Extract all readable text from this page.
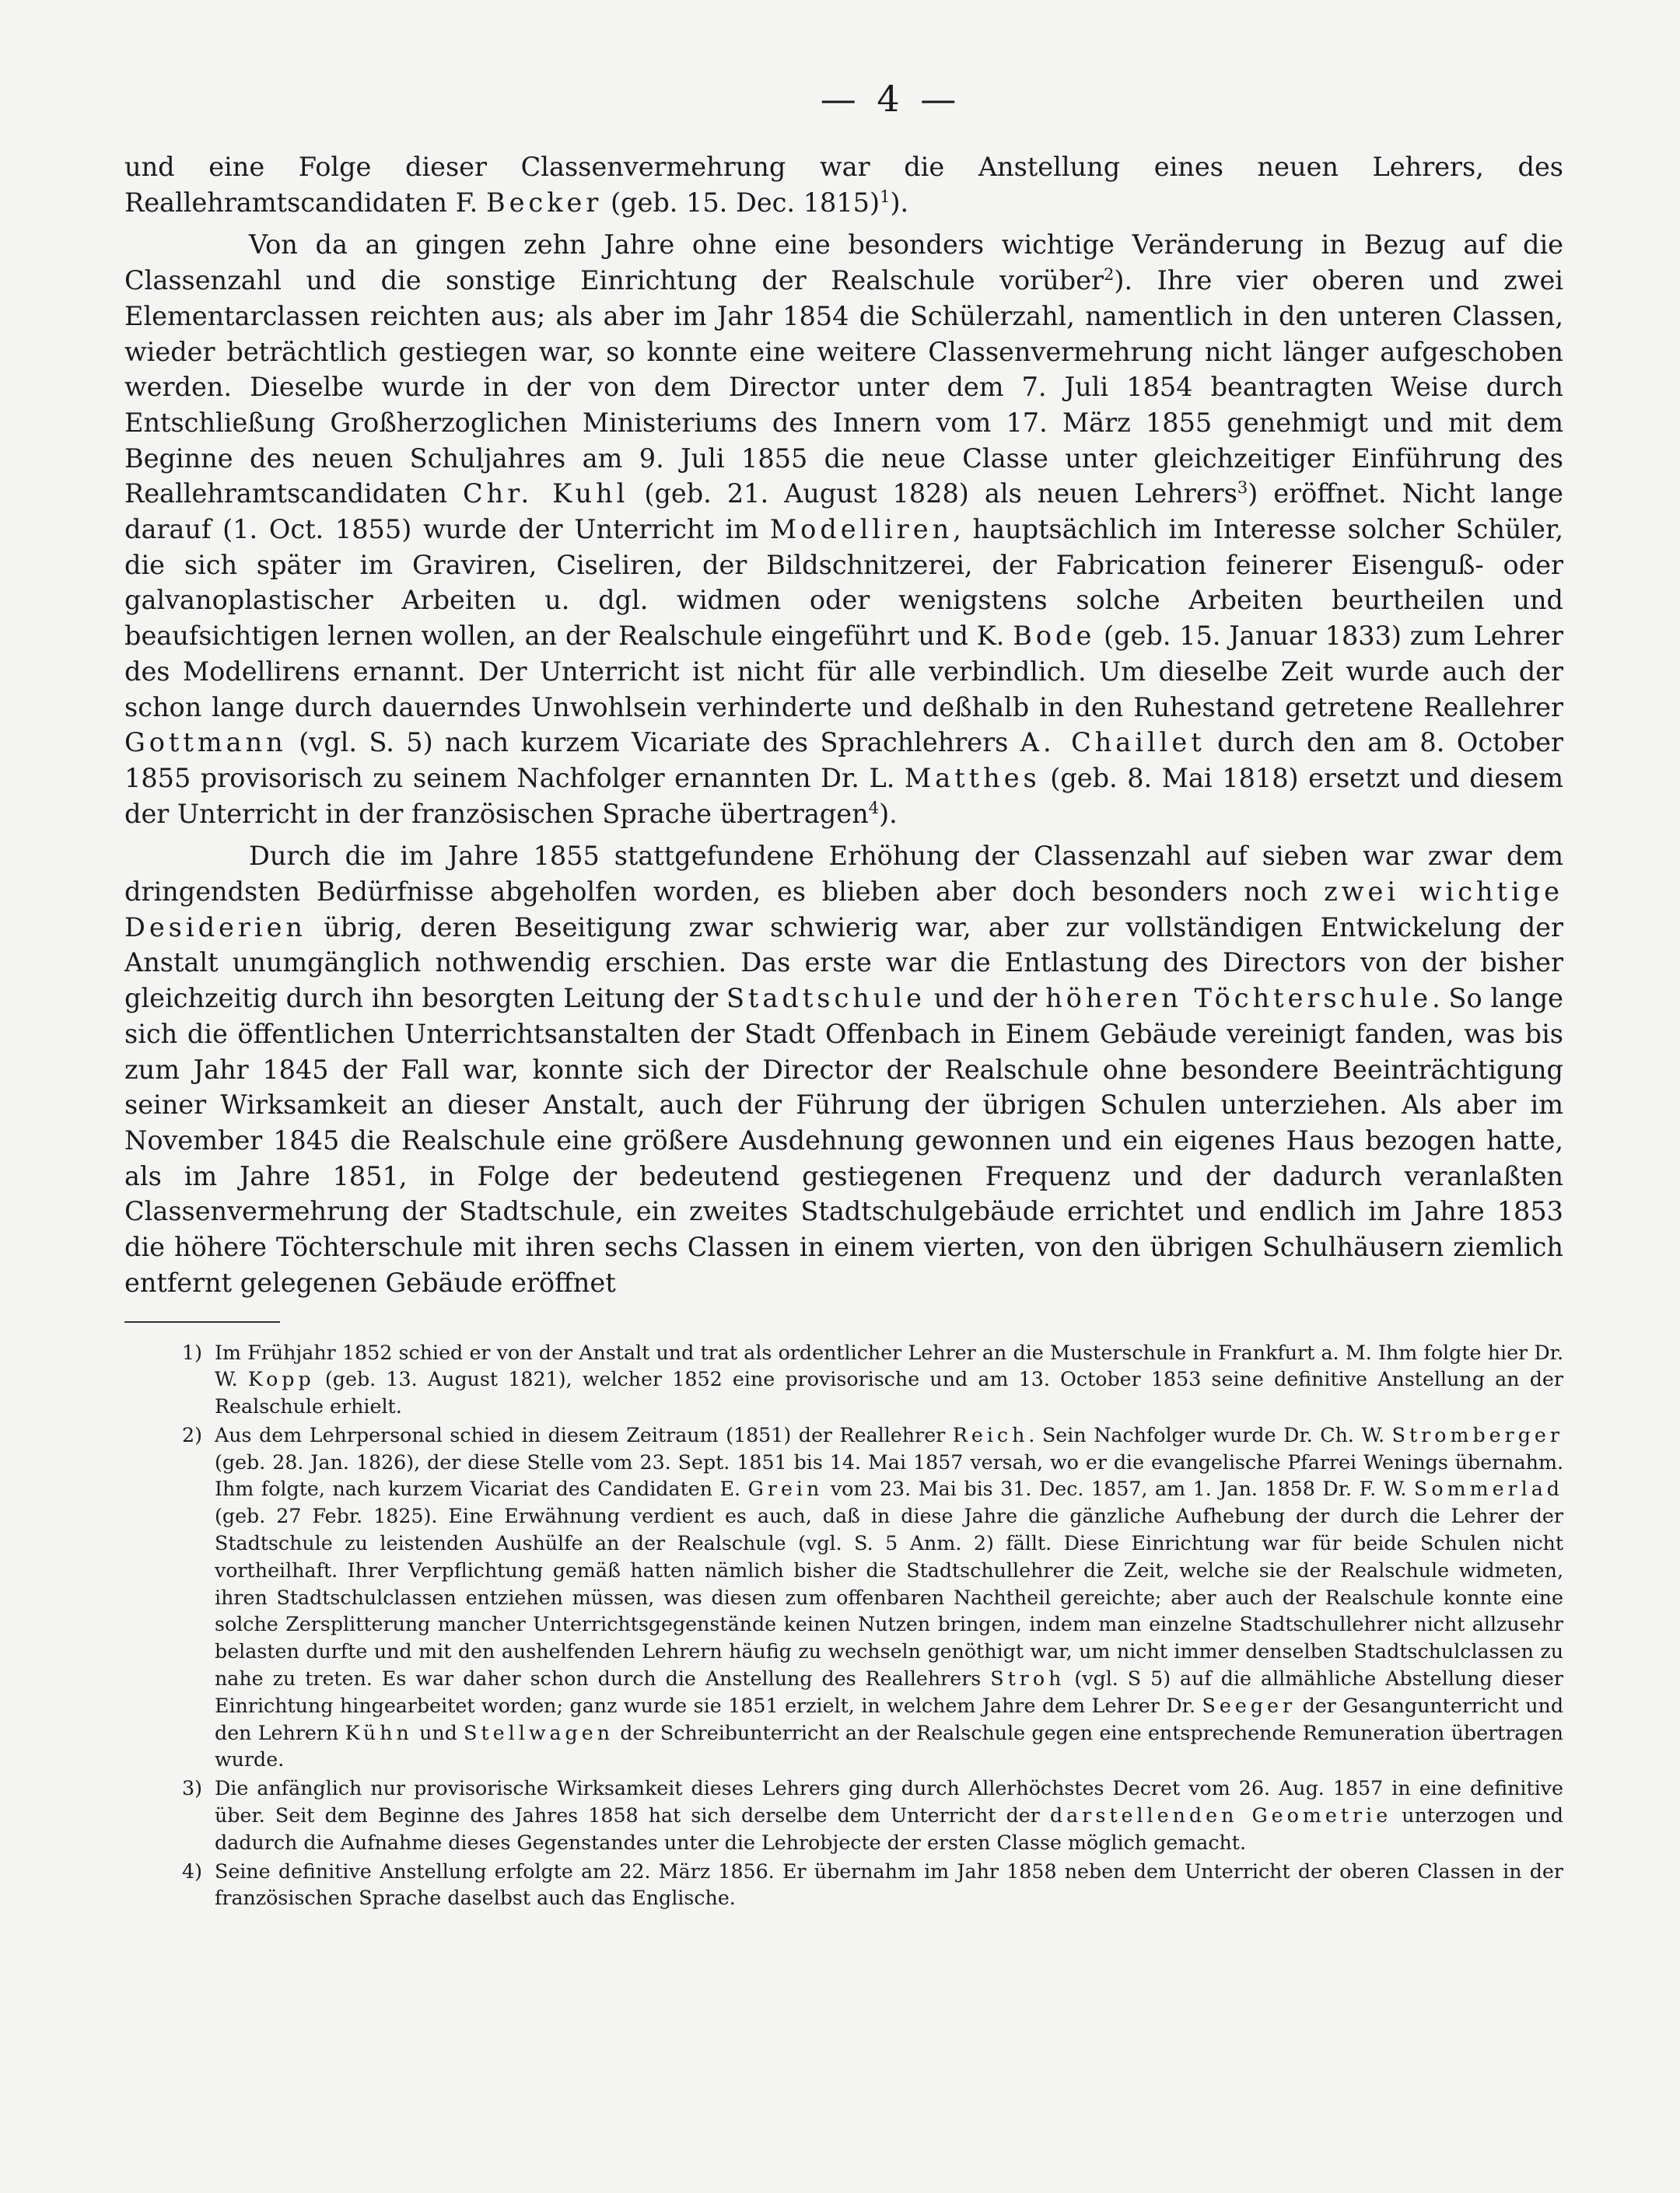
— 4 —

und eine Folge dieser Classenvermehrung war die Anstellung eines neuen Lehrers, des Reallehramtscandidaten F. Becker (geb. 15. Dec. 1815)$^1$).

Von da an gingen zehn Jahre ohne eine besonders wichtige Veränderung in Bezug auf die Classenzahl und die sonstige Einrichtung der Realschule vorüber$^2$). Ihre vier oberen und zwei Elementarclassen reichten aus; als aber im Jahr 1854 die Schülerzahl, namentlich in den unteren Classen, wieder beträchtlich gestiegen war, so konnte eine weitere Classenvermehrung nicht länger aufgeschoben werden. Dieselbe wurde in der von dem Director unter dem 7. Juli 1854 beantragten Weise durch Entschließung Großherzoglichen Ministeriums des Innern vom 17. März 1855 genehmigt und mit dem Beginne des neuen Schuljahres am 9. Juli 1855 die neue Classe unter gleichzeitiger Einführung des Reallehramtscandidaten Chr. Kuhl (geb. 21. August 1828) als neuen Lehrers$^3$) eröffnet. Nicht lange darauf (1. Oct. 1855) wurde der Unterricht im Modelliren, hauptsächlich im Interesse solcher Schüler, die sich später im Graviren, Ciseliren, der Bildschnitzerei, der Fabrication feinerer Eisenguß- oder galvanoplastischer Arbeiten u. dgl. widmen oder wenigstens solche Arbeiten beurtheilen und beaufsichtigen lernen wollen, an der Realschule eingeführt und K. Bode (geb. 15. Januar 1833) zum Lehrer des Modellirens ernannt. Der Unterricht ist nicht für alle verbindlich. Um dieselbe Zeit wurde auch der schon lange durch dauerndes Unwohlsein verhinderte und deßhalb in den Ruhestand getretene Reallehrer Gottmann (vgl. S. 5) nach kurzem Vicariate des Sprachlehrers A. Chaillet durch den am 8. October 1855 provisorisch zu seinem Nachfolger ernannten Dr. L. Matthes (geb. 8. Mai 1818) ersetzt und diesem der Unterricht in der französischen Sprache übertragen$^4$).

Durch die im Jahre 1855 stattgefundene Erhöhung der Classenzahl auf sieben war zwar dem dringendsten Bedürfnisse abgeholfen worden, es blieben aber doch besonders noch zwei wichtige Desiderien übrig, deren Beseitigung zwar schwierig war, aber zur vollständigen Entwickelung der Anstalt unumgänglich nothwendig erschien. Das erste war die Entlastung des Directors von der bisher gleichzeitig durch ihn besorgten Leitung der Stadtschule und der höheren Töchterschule. So lange sich die öffentlichen Unterrichtsanstalten der Stadt Offenbach in Einem Gebäude vereinigt fanden, was bis zum Jahr 1845 der Fall war, konnte sich der Director der Realschule ohne besondere Beeinträchtigung seiner Wirksamkeit an dieser Anstalt, auch der Führung der übrigen Schulen unterziehen. Als aber im November 1845 die Realschule eine größere Ausdehnung gewonnen und ein eigenes Haus bezogen hatte, als im Jahre 1851, in Folge der bedeutend gestiegenen Frequenz und der dadurch veranlaßten Classenvermehrung der Stadtschule, ein zweites Stadtschulgebäude errichtet und endlich im Jahre 1853 die höhere Töchterschule mit ihren sechs Classen in einem vierten, von den übrigen Schulhäusern ziemlich entfernt gelegenen Gebäude eröffnet

1) Im Frühjahr 1852 schied er von der Anstalt und trat als ordentlicher Lehrer an die Musterschule in Frankfurt a. M. Ihm folgte hier Dr. W. Kopp (geb. 13. August 1821), welcher 1852 eine provisorische und am 13. October 1853 seine definitive Anstellung an der Realschule erhielt.
2) Aus dem Lehrpersonal schied in diesem Zeitraum (1851) der Reallehrer Reich. Sein Nachfolger wurde Dr. Ch. W. Stromberger (geb. 28. Jan. 1826), der diese Stelle vom 23. Sept. 1851 bis 14. Mai 1857 versah, wo er die evangelische Pfarrei Wenings übernahm. Ihm folgte, nach kurzem Vicariat des Candidaten E. Grein vom 23. Mai bis 31. Dec. 1857, am 1. Jan. 1858 Dr. F. W. Sommerlad (geb. 27 Febr. 1825). Eine Erwähnung verdient es auch, daß in diese Jahre die gänzliche Aufhebung der durch die Lehrer der Stadtschule zu leistenden Aushülfe an der Realschule (vgl. S. 5 Anm. 2) fällt. Diese Einrichtung war für beide Schulen nicht vortheilhaft. Ihrer Verpflichtung gemäß hatten nämlich bisher die Stadtschullehrer die Zeit, welche sie der Realschule widmeten, ihren Stadtschulclassen entziehen müssen, was diesen zum offenbaren Nachtheil gereichte; aber auch der Realschule konnte eine solche Zersplitterung mancher Unterrichtsgegenstände keinen Nutzen bringen, indem man einzelne Stadtschullehrer nicht allzusehr belasten durfte und mit den aushelfenden Lehrern häufig zu wechseln genöthigt war, um nicht immer denselben Stadtschulclassen zu nahe zu treten. Es war daher schon durch die Anstellung des Reallehrers Stroh (vgl. S 5) auf die allmähliche Abstellung dieser Einrichtung hingearbeitet worden; ganz wurde sie 1851 erzielt, in welchem Jahre dem Lehrer Dr. Seeger der Gesangunterricht und den Lehrern Kühn und Stellwagen der Schreibunterricht an der Realschule gegen eine entsprechende Remuneration übertragen wurde.
3) Die anfänglich nur provisorische Wirksamkeit dieses Lehrers ging durch Allerhöchstes Decret vom 26. Aug. 1857 in eine definitive über. Seit dem Beginne des Jahres 1858 hat sich derselbe dem Unterricht der darstellenden Geometrie unterzogen und dadurch die Aufnahme dieses Gegenstandes unter die Lehrobjecte der ersten Classe möglich gemacht.
4) Seine definitive Anstellung erfolgte am 22. März 1856. Er übernahm im Jahr 1858 neben dem Unterricht der oberen Classen in der französischen Sprache daselbst auch das Englische.
